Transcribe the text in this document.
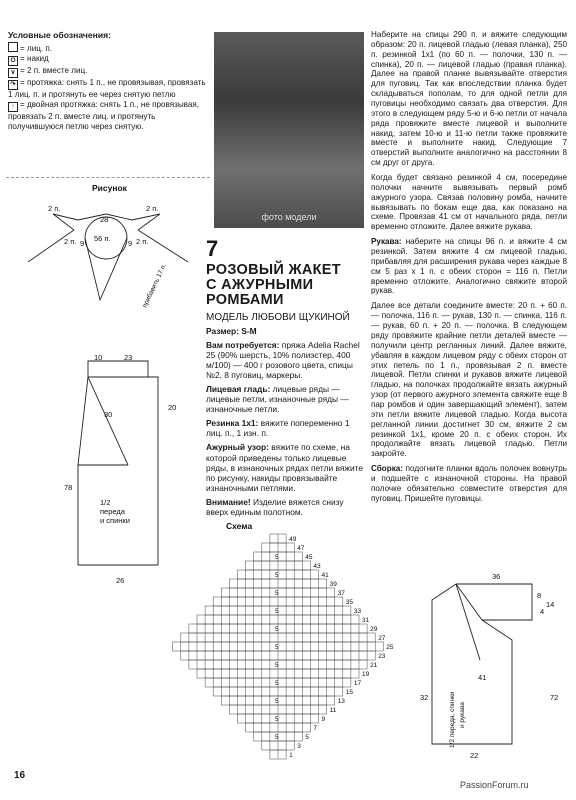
Условные обозначения:
= лиц. п.
O = накид
∨ = 2 п. вместе лиц.
↷ = протяжка: снять 1 п., не провязывая, провязать 1 лиц. п. и протянуть ее через снятую петлю
↑ = двойная протяжка: снять 1 п., не провязывая, провязать 2 п. вместе лиц. и протянуть получившуюся петлю через снятую.
Рисунок
2 п.	2 п.
28
56 п.
9	9
2 п.	2 п.
прибавить 17 п.
10	23
20
30
78
1/2
переда
и спинки
26
фото модели
7
РОЗОВЫЙ ЖАКЕТ
С АЖУРНЫМИ РОМБАМИ
МОДЕЛЬ ЛЮБОВИ ЩУКИНОЙ

Размер: S-M

Вам потребуется: пряжа Adelia Rachel 25 (90% шерсть, 10% полиэстер, 400 м/100) — 400 г розового цвета, спицы №2, 8 пуговиц, маркеры.

Лицевая гладь: лицевые ряды — лицевые петли, изнаночные ряды — изнаночные петли.

Резинка 1х1: вяжите попеременно 1 лиц. п., 1 изн. п.

Ажурный узор: вяжите по схеме, на которой приведены только лицевые ряды, в изнаночных рядах петли вяжите по рисунку, накиды провязывайте изнаночными петлями.

Внимание! Изделие вяжется снизу вверх единым полотном.

Схема
49
47
45
5
43
41
5
39
37
5
35
33
5
31
29
5
27
25
5
23
21
5
19
17
5
15
13
5
11
9
5
7
5
5
3
1
36
8
4
14
32	72
41
1/2 переда, спинки и рукава
22

Наберите на спицы 290 п. и вяжите следующим образом: 20 п. лицевой гладью (левая планка), 250 п. резинкой 1х1 (по 60 п. — полочки, 130 п. — спинка), 20 п. — лицевой гладью (правая планка). Далее на правой планке вывязывайте отверстия для пуговиц. Так как впоследствии планка будет складываться пополам, то для одной петли для пуговицы необходимо связать два отверстия. Для этого в следующем ряду 5-ю и 6-ю петли от начала ряда провяжите вместе лицевой и выполните накид, затем 10-ю и 11-ю петли также провяжите вместе и выполните накид. Следующие 7 отверстий выполните аналогично на расстоянии 8 см друг от друга.

Когда будет связано резинкой 4 см, посередине полочки начните вывязывать первый ромб ажурного узора. Связав половину ромба, начните вывязывать по бокам еще два, как показано на схеме. Провязав 41 см от начального ряда, петли временно отложите. Далее вяжите рукава.

Рукава: наберите на спицы 96 п. и вяжите 4 см резинкой. Затем вяжите 4 см лицевой гладью, прибавляя для расширения рукава через каждые 8 см 5 раз x 1 п. с обеих сторон = 116 п. Петли временно отложите. Аналогично свяжите второй рукав.

Далее все детали соедините вместе: 20 п. + 60 п. — полочка, 116 п. — рукав, 130 п. — спинка, 116 п. — рукав, 60 п. + 20 п. — полочка. В следующем ряду провяжите крайние петли деталей вместе — получили центр регланных линий. Далее вяжите, убавляя в каждом лицевом ряду с обеих сторон от этих петель по 1 п., провязывая 2 п. вместе лицевой. Петли спинки и рукавов вяжите лицевой гладью, на полочках продолжайте вязать ажурный узор (от первого ажурного элемента свяжите еще 8 пар ромбов и один завершающий элемент), затем эти петли вяжите лицевой гладью. Когда высота регланной линии достигнет 30 см, вяжите 2 см резинкой 1х1, кроме 20 п. с обеих сторон. Их продолжайте вязать лицевой гладью. Петли закройте.

Сборка: подогните планки вдоль полочек вовнутрь и подшейте с изнаночной стороны. На правой полочке обязательно совместите отверстия для пуговиц. Пришейте пуговицы.

16
PassionForum.ru
